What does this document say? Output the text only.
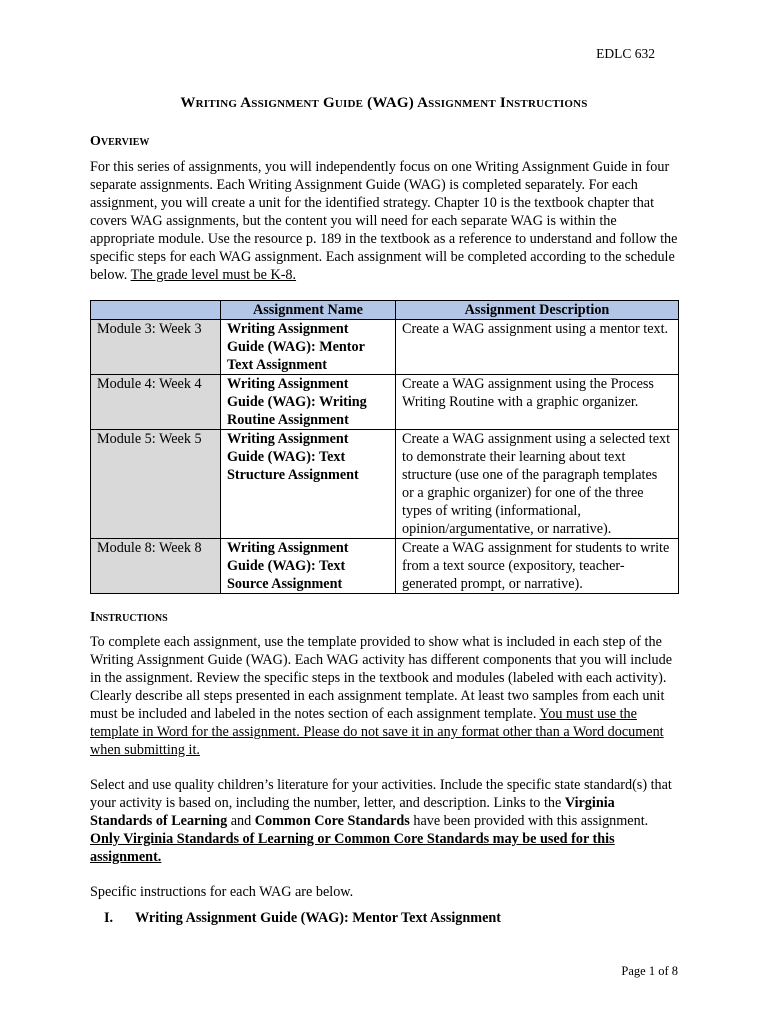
EDLC 632
Writing Assignment Guide (WAG) Assignment Instructions
Overview

For this series of assignments, you will independently focus on one Writing Assignment Guide in four separate assignments. Each Writing Assignment Guide (WAG) is completed separately. For each assignment, you will create a unit for the identified strategy. Chapter 10 is the textbook chapter that covers WAG assignments, but the content you will need for each separate WAG is within the appropriate module. Use the resource p. 189 in the textbook as a reference to understand and follow the specific steps for each WAG assignment. Each assignment will be completed according to the schedule below. The grade level must be K-8.

	Assignment Name	Assignment Description
Module 3: Week 3	Writing Assignment Guide (WAG): Mentor Text Assignment	Create a WAG assignment using a mentor text.
Module 4: Week 4	Writing Assignment Guide (WAG): Writing Routine Assignment	Create a WAG assignment using the Process Writing Routine with a graphic organizer.
Module 5: Week 5	Writing Assignment Guide (WAG): Text Structure Assignment	Create a WAG assignment using a selected text to demonstrate their learning about text structure (use one of the paragraph templates or a graphic organizer) for one of the three types of writing (informational, opinion/argumentative, or narrative).
Module 8: Week 8	Writing Assignment Guide (WAG): Text Source Assignment	Create a WAG assignment for students to write from a text source (expository, teacher-generated prompt, or narrative).
Instructions

To complete each assignment, use the template provided to show what is included in each step of the Writing Assignment Guide (WAG). Each WAG activity has different components that you will include in the assignment. Review the specific steps in the textbook and modules (labeled with each activity). Clearly describe all steps presented in each assignment template. At least two samples from each unit must be included and labeled in the notes section of each assignment template. You must use the template in Word for the assignment. Please do not save it in any format other than a Word document when submitting it.

Select and use quality children’s literature for your activities. Include the specific state standard(s) that your activity is based on, including the number, letter, and description. Links to the Virginia Standards of Learning and Common Core Standards have been provided with this assignment. Only Virginia Standards of Learning or Common Core Standards may be used for this assignment.

Specific instructions for each WAG are below.

I.	Writing Assignment Guide (WAG): Mentor Text Assignment
Page 1 of 8
